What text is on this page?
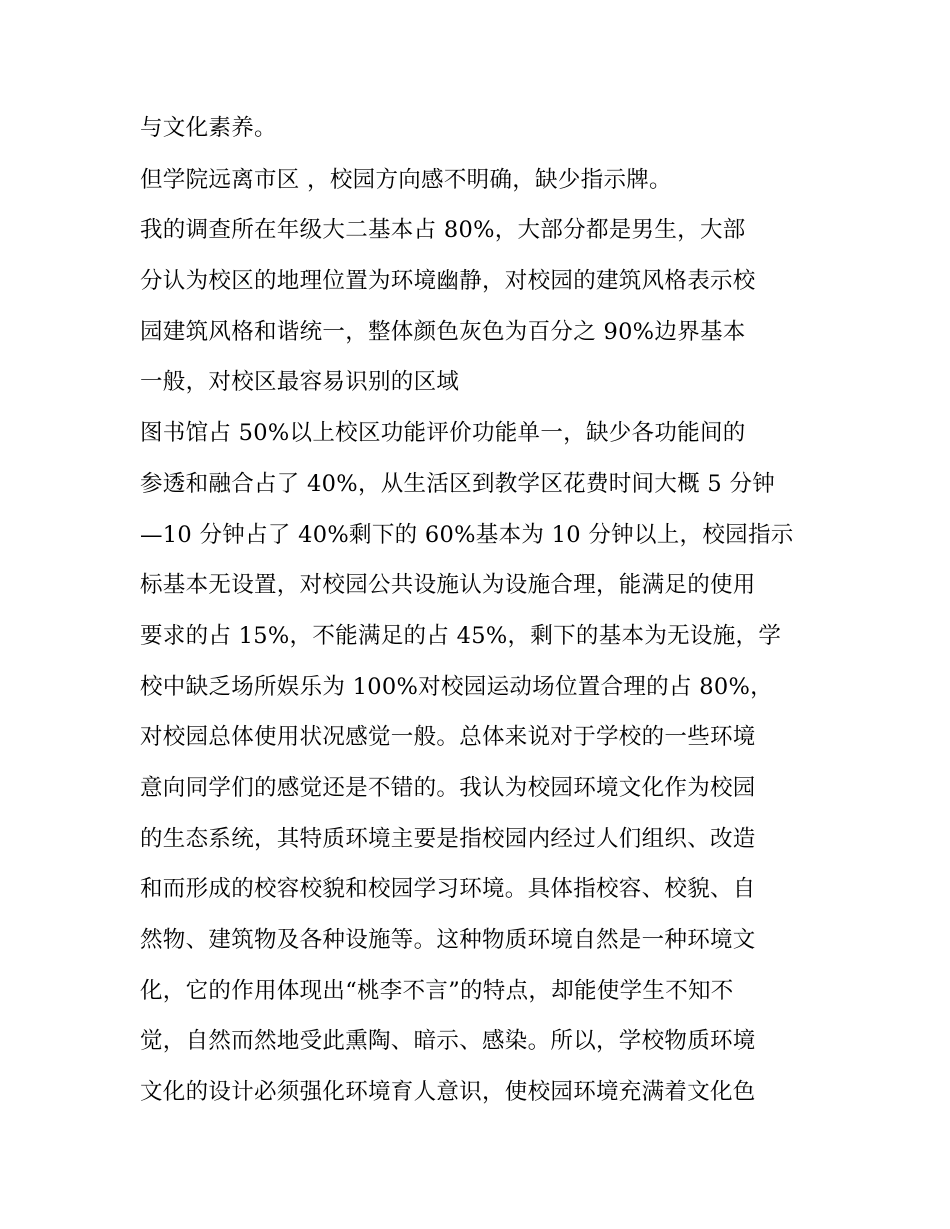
与文化素养。
但学院远离市区 ，校园方向感不明确，缺少指示牌。
我的调查所在年级大二基本占 80%，大部分都是男生，大部
分认为校区的地理位置为环境幽静，对校园的建筑风格表示校
园建筑风格和谐统一，整体颜色灰色为百分之 90%边界基本
一般，对校区最容易识别的区域
图书馆占 50%以上校区功能评价功能单一，缺少各功能间的
参透和融合占了 40%，从生活区到教学区花费时间大概 5 分钟
—10 分钟占了 40%剩下的 60%基本为 10 分钟以上，校园指示
标基本无设置，对校园公共设施认为设施合理，能满足的使用
要求的占 15%，不能满足的占 45%，剩下的基本为无设施，学
校中缺乏场所娱乐为 100%对校园运动场位置合理的占 80%，
对校园总体使用状况感觉一般。总体来说对于学校的一些环境
意向同学们的感觉还是不错的。我认为校园环境文化作为校园
的生态系统，其特质环境主要是指校园内经过人们组织、改造
和而形成的校容校貌和校园学习环境。具体指校容、校貌、自
然物、建筑物及各种设施等。这种物质环境自然是一种环境文
化，它的作用体现出“桃李不言”的特点，却能使学生不知不
觉，自然而然地受此熏陶、暗示、感染。所以，学校物质环境
文化的设计必须强化环境育人意识，使校园环境充满着文化色
